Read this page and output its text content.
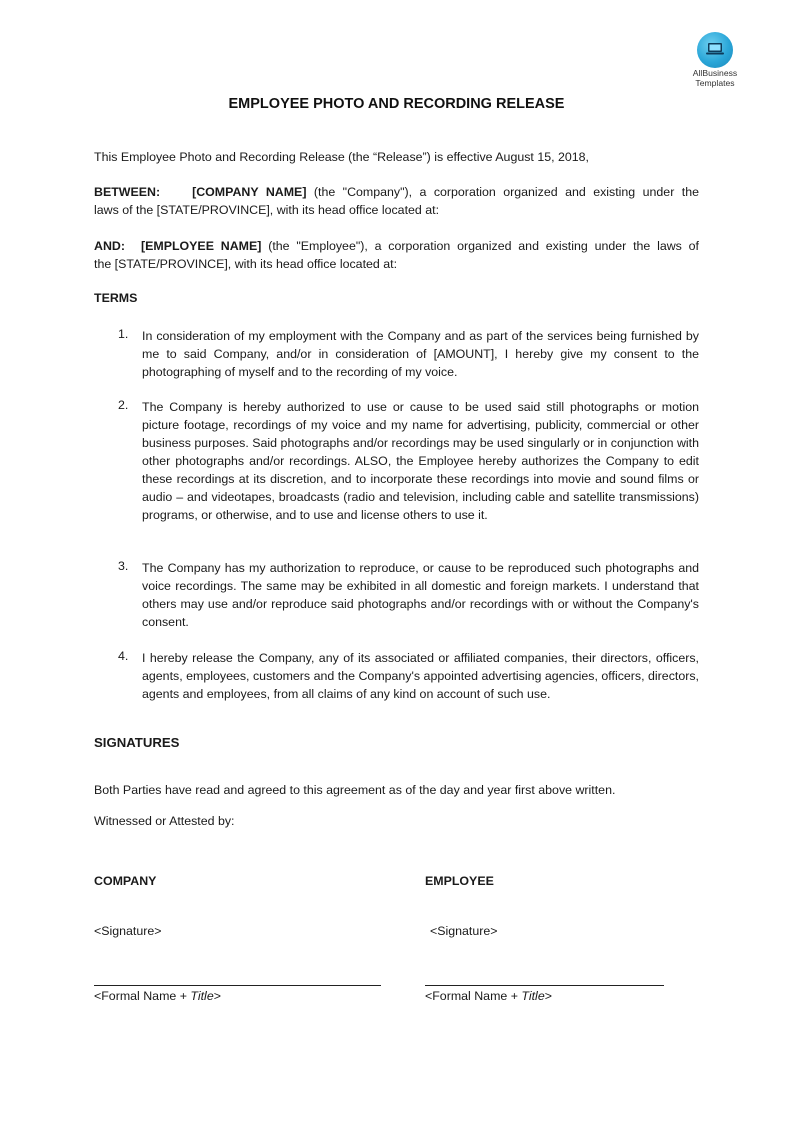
AllBusiness
Templates
EMPLOYEE PHOTO AND RECORDING RELEASE
This Employee Photo and Recording Release (the “Release”) is effective August 15, 2018,
BETWEEN:	[COMPANY NAME] (the "Company"), a corporation organized and existing under the
laws of the [STATE/PROVINCE], with its head office located at:
AND: [EMPLOYEE NAME] (the "Employee"), a corporation organized and existing under the laws of
the [STATE/PROVINCE], with its head office located at:
TERMS
1. In consideration of my employment with the Company and as part of the services being furnished by me to said Company, and/or in consideration of [AMOUNT], I hereby give my consent to the photographing of myself and to the recording of my voice.
2. The Company is hereby authorized to use or cause to be used said still photographs or motion picture footage, recordings of my voice and my name for advertising, publicity, commercial or other business purposes. Said photographs and/or recordings may be used singularly or in conjunction with other photographs and/or recordings. ALSO, the Employee hereby authorizes the Company to edit these recordings at its discretion, and to incorporate these recordings into movie and sound films or audio – and videotapes, broadcasts (radio and television, including cable and satellite transmissions) programs, or otherwise, and to use and license others to use it.
3. The Company has my authorization to reproduce, or cause to be reproduced such photographs and voice recordings. The same may be exhibited in all domestic and foreign markets. I understand that others may use and/or reproduce said photographs and/or recordings with or without the Company's consent.
4. I hereby release the Company, any of its associated or affiliated companies, their directors, officers, agents, employees, customers and the Company's appointed advertising agencies, officers, directors, agents and employees, from all claims of any kind on account of such use.
SIGNATURES
Both Parties have read and agreed to this agreement as of the day and year first above written.
Witnessed or Attested by:
COMPANY
<Signature>
<Formal Name + Title>
EMPLOYEE
<Signature>
<Formal Name + Title>
